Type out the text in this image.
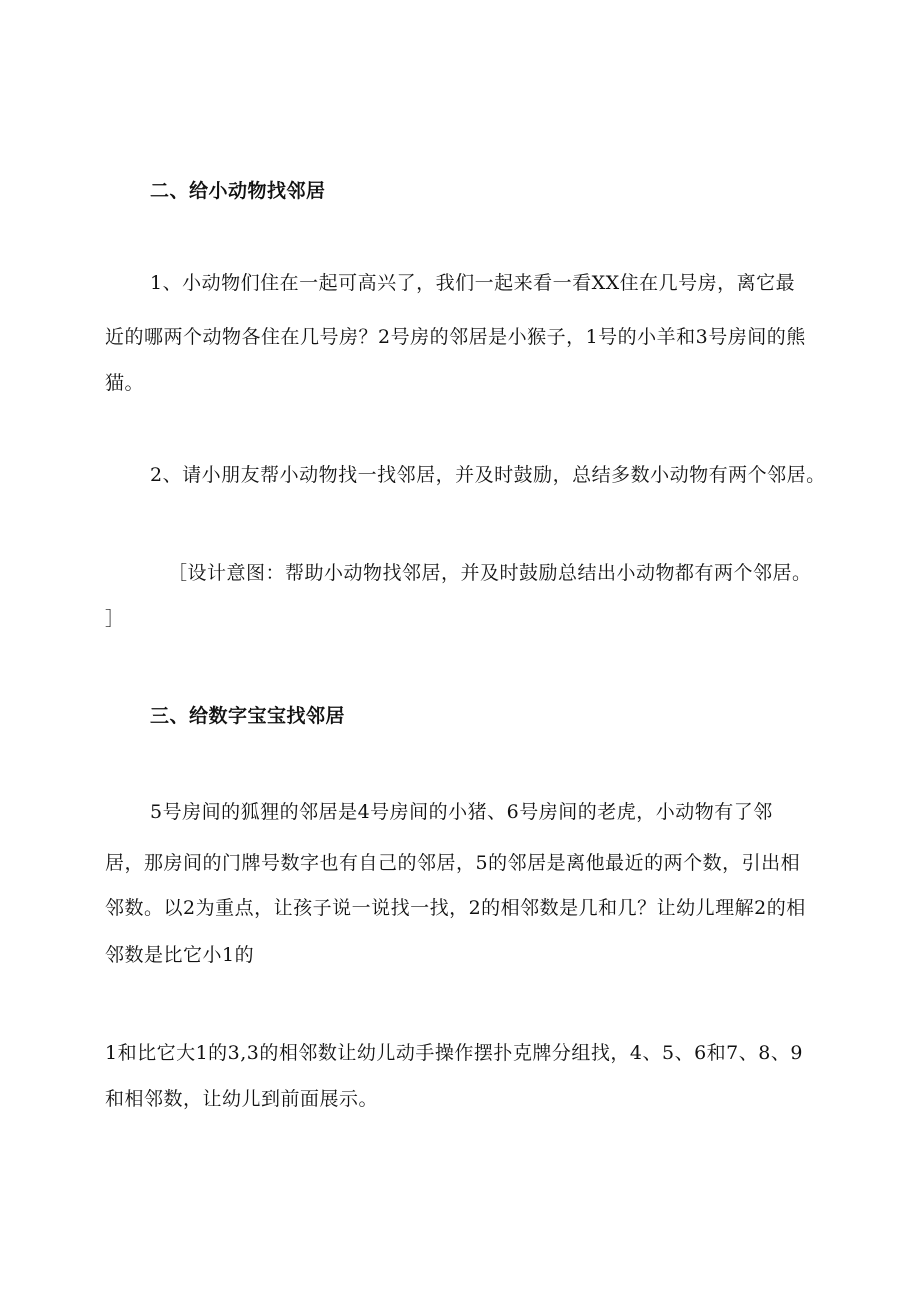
二、给小动物找邻居

1、小动物们住在一起可高兴了，我们一起来看一看XX住在几号房，离它最

近的哪两个动物各住在几号房？2号房的邻居是小猴子，1号的小羊和3号房间的熊

猫。

2、请小朋友帮小动物找一找邻居，并及时鼓励，总结多数小动物有两个邻居。

［设计意图：帮助小动物找邻居，并及时鼓励总结出小动物都有两个邻居。

］

三、给数字宝宝找邻居

5号房间的狐狸的邻居是4号房间的小猪、6号房间的老虎，小动物有了邻

居，那房间的门牌号数字也有自己的邻居，5的邻居是离他最近的两个数，引出相

邻数。以2为重点，让孩子说一说找一找，2的相邻数是几和几？让幼儿理解2的相

邻数是比它小1的

1和比它大1的3,3的相邻数让幼儿动手操作摆扑克牌分组找，4、5、6和7、8、9

和相邻数，让幼儿到前面展示。
